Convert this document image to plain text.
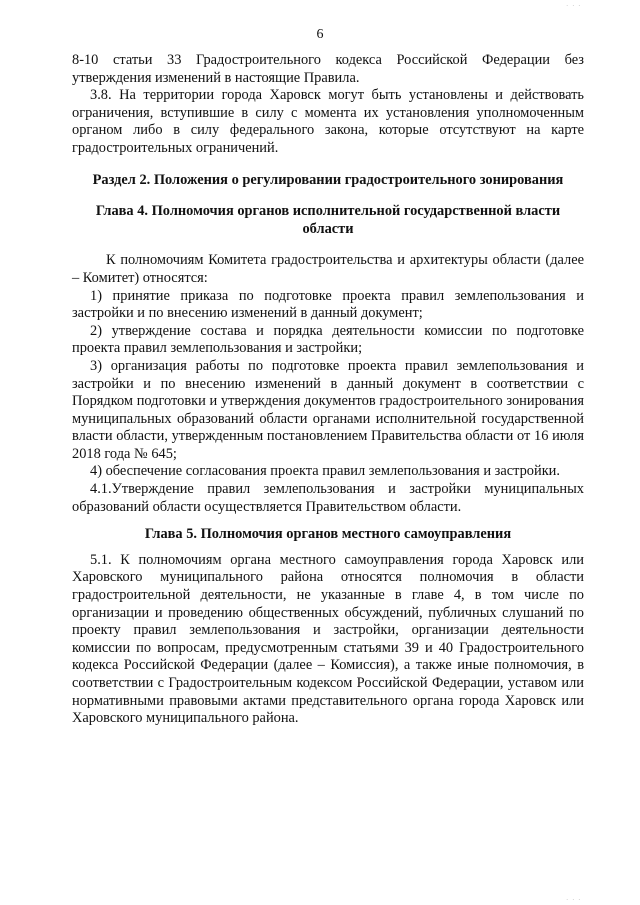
· · ·
6

8-10 статьи 33 Градостроительного кодекса Российской Федерации без утверждения изменений в настоящие Правила.

3.8. На территории города Харовск могут быть установлены и действовать ограничения, вступившие в силу с момента их установления уполномоченным органом либо в силу федерального закона, которые отсутствуют на карте градостроительных ограничений.

Раздел 2. Положения о регулировании градостроительного зонирования

Глава 4. Полномочия органов исполнительной государственной власти области

К полномочиям Комитета градостроительства и архитектуры области (далее – Комитет) относятся:

1) принятие приказа по подготовке проекта правил землепользования и застройки и по внесению изменений в данный документ;

2) утверждение состава и порядка деятельности комиссии по подготовке проекта правил землепользования и застройки;

3) организация работы по подготовке проекта правил землепользования и застройки и по внесению изменений в данный документ в соответствии с Порядком подготовки и утверждения документов градостроительного зонирования муниципальных образований области органами исполнительной государственной власти области, утвержденным постановлением Правительства области от 16 июля 2018 года № 645;

4) обеспечение согласования проекта правил землепользования и застройки.

4.1.Утверждение правил землепользования и застройки муниципальных образований области осуществляется Правительством области.

Глава 5. Полномочия органов местного самоуправления

5.1. К полномочиям органа местного самоуправления города Харовск или Харовского муниципального района относятся полномочия в области градостроительной деятельности, не указанные в главе 4, в том числе по организации и проведению общественных обсуждений, публичных слушаний по проекту правил землепользования и застройки, организации деятельности комиссии по вопросам, предусмотренным статьями 39 и 40 Градостроительного кодекса Российской Федерации (далее – Комиссия), а также иные полномочия, в соответствии с Градостроительным кодексом Российской Федерации, уставом или нормативными правовыми актами представительного органа города Харовск или Харовского муниципального района.

· · ·
